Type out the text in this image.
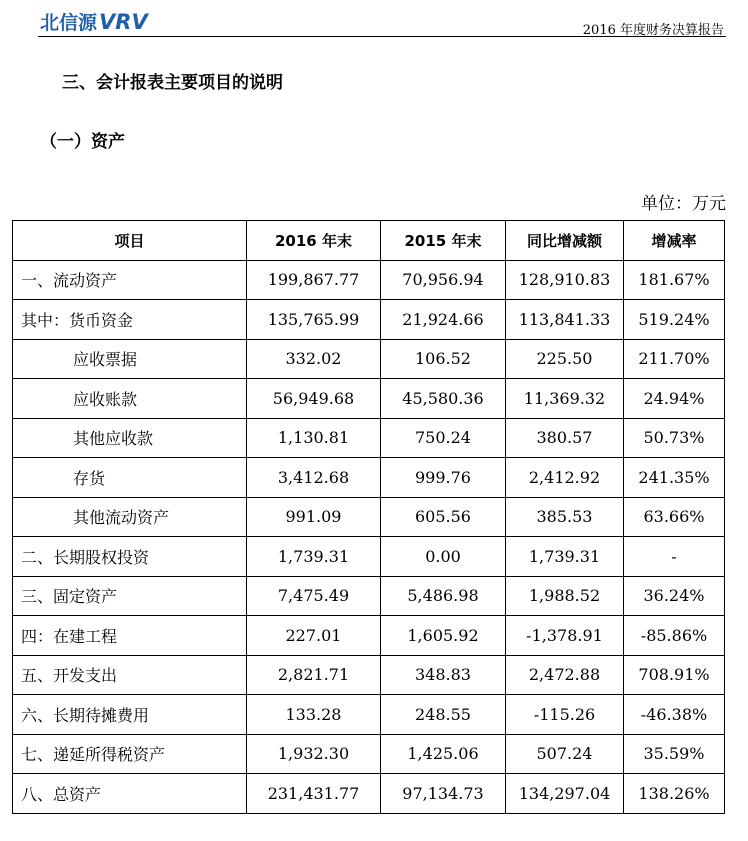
北信源VRV	2016 年度财务决算报告
三、会计报表主要项目的说明
（一）资产
单位：万元
项目	2016 年末	2015 年末	同比增减额	增减率
一、流动资产	199,867.77	70,956.94	128,910.83	181.67%
其中：货币资金	135,765.99	21,924.66	113,841.33	519.24%
应收票据	332.02	106.52	225.50	211.70%
应收账款	56,949.68	45,580.36	11,369.32	24.94%
其他应收款	1,130.81	750.24	380.57	50.73%
存货	3,412.68	999.76	2,412.92	241.35%
其他流动资产	991.09	605.56	385.53	63.66%
二、长期股权投资	1,739.31	0.00	1,739.31	-
三、固定资产	7,475.49	5,486.98	1,988.52	36.24%
四：在建工程	227.01	1,605.92	-1,378.91	-85.86%
五、开发支出	2,821.71	348.83	2,472.88	708.91%
六、长期待摊费用	133.28	248.55	-115.26	-46.38%
七、递延所得税资产	1,932.30	1,425.06	507.24	35.59%
八、总资产	231,431.77	97,134.73	134,297.04	138.26%
